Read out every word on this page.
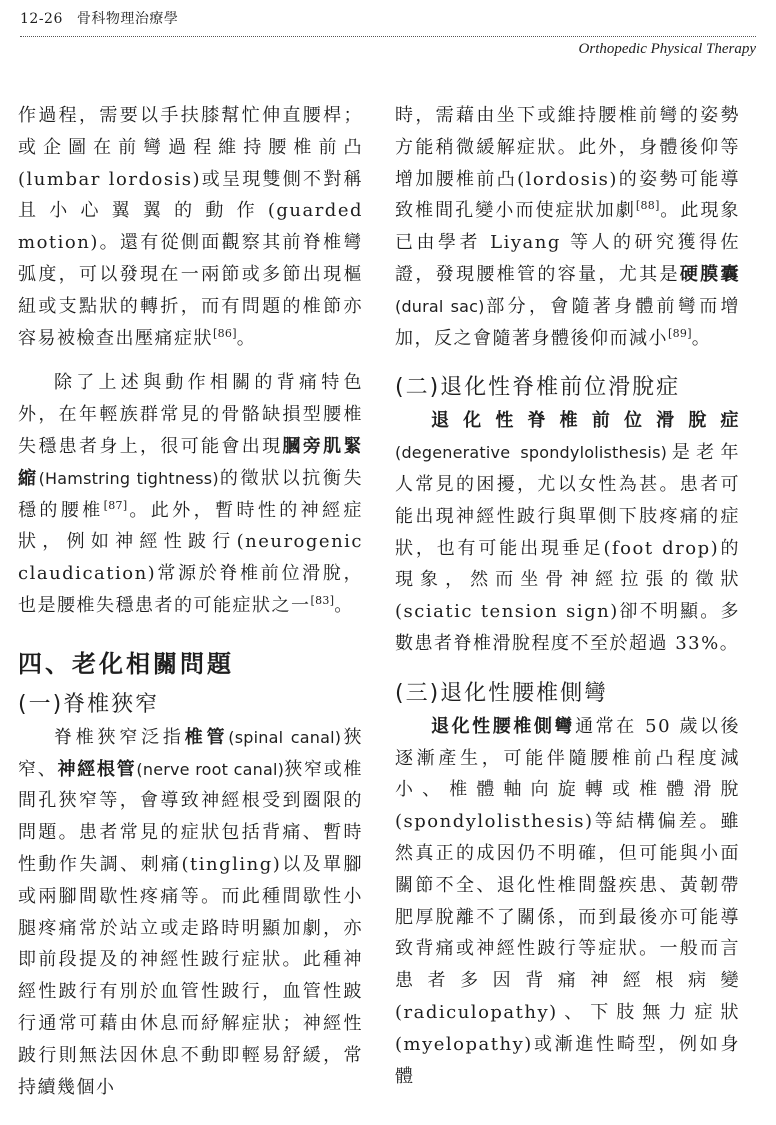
12-26 骨科物理治療學
Orthopedic Physical Therapy

作過程，需要以手扶膝幫忙伸直腰桿；或企圖在前彎過程維持腰椎前凸(lumbar lordosis)或呈現雙側不對稱且小心翼翼的動作(guarded motion)。還有從側面觀察其前脊椎彎弧度，可以發現在一兩節或多節出現樞紐或支點狀的轉折，而有問題的椎節亦容易被檢查出壓痛症狀[86]。

除了上述與動作相關的背痛特色外，在年輕族群常見的骨骼缺損型腰椎失穩患者身上，很可能會出現膕旁肌緊縮(Hamstring tightness)的徵狀以抗衡失穩的腰椎[87]。此外，暫時性的神經症狀，例如神經性跛行(neurogenic claudication)常源於脊椎前位滑脫，也是腰椎失穩患者的可能症狀之一[83]。

四、老化相關問題
(一)脊椎狹窄

脊椎狹窄泛指椎管(spinal canal)狹窄、神經根管(nerve root canal)狹窄或椎間孔狹窄等，會導致神經根受到圈限的問題。患者常見的症狀包括背痛、暫時性動作失調、刺痛(tingling)以及單腳或兩腳間歇性疼痛等。而此種間歇性小腿疼痛常於站立或走路時明顯加劇，亦即前段提及的神經性跛行症狀。此種神經性跛行有別於血管性跛行，血管性跛行通常可藉由休息而紓解症狀；神經性跛行則無法因休息不動即輕易舒緩，常持續幾個小

時，需藉由坐下或維持腰椎前彎的姿勢方能稍微緩解症狀。此外，身體後仰等增加腰椎前凸(lordosis)的姿勢可能導致椎間孔變小而使症狀加劇[88]。此現象已由學者 Liyang 等人的研究獲得佐證，發現腰椎管的容量，尤其是硬膜囊(dural sac)部分，會隨著身體前彎而增加，反之會隨著身體後仰而減小[89]。

(二)退化性脊椎前位滑脫症

退化性脊椎前位滑脫症(degenerative spondylolisthesis)是老年人常見的困擾，尤以女性為甚。患者可能出現神經性跛行與單側下肢疼痛的症狀，也有可能出現垂足(foot drop)的現象，然而坐骨神經拉張的徵狀(sciatic tension sign)卻不明顯。多數患者脊椎滑脫程度不至於超過 33%。

(三)退化性腰椎側彎

退化性腰椎側彎通常在 50 歲以後逐漸產生，可能伴隨腰椎前凸程度減小、椎體軸向旋轉或椎體滑脫(spondylolisthesis)等結構偏差。雖然真正的成因仍不明確，但可能與小面關節不全、退化性椎間盤疾患、黃韌帶肥厚脫離不了關係，而到最後亦可能導致背痛或神經性跛行等症狀。一般而言患者多因背痛神經根病變(radiculopathy)、下肢無力症狀(myelopathy)或漸進性畸型，例如身體
